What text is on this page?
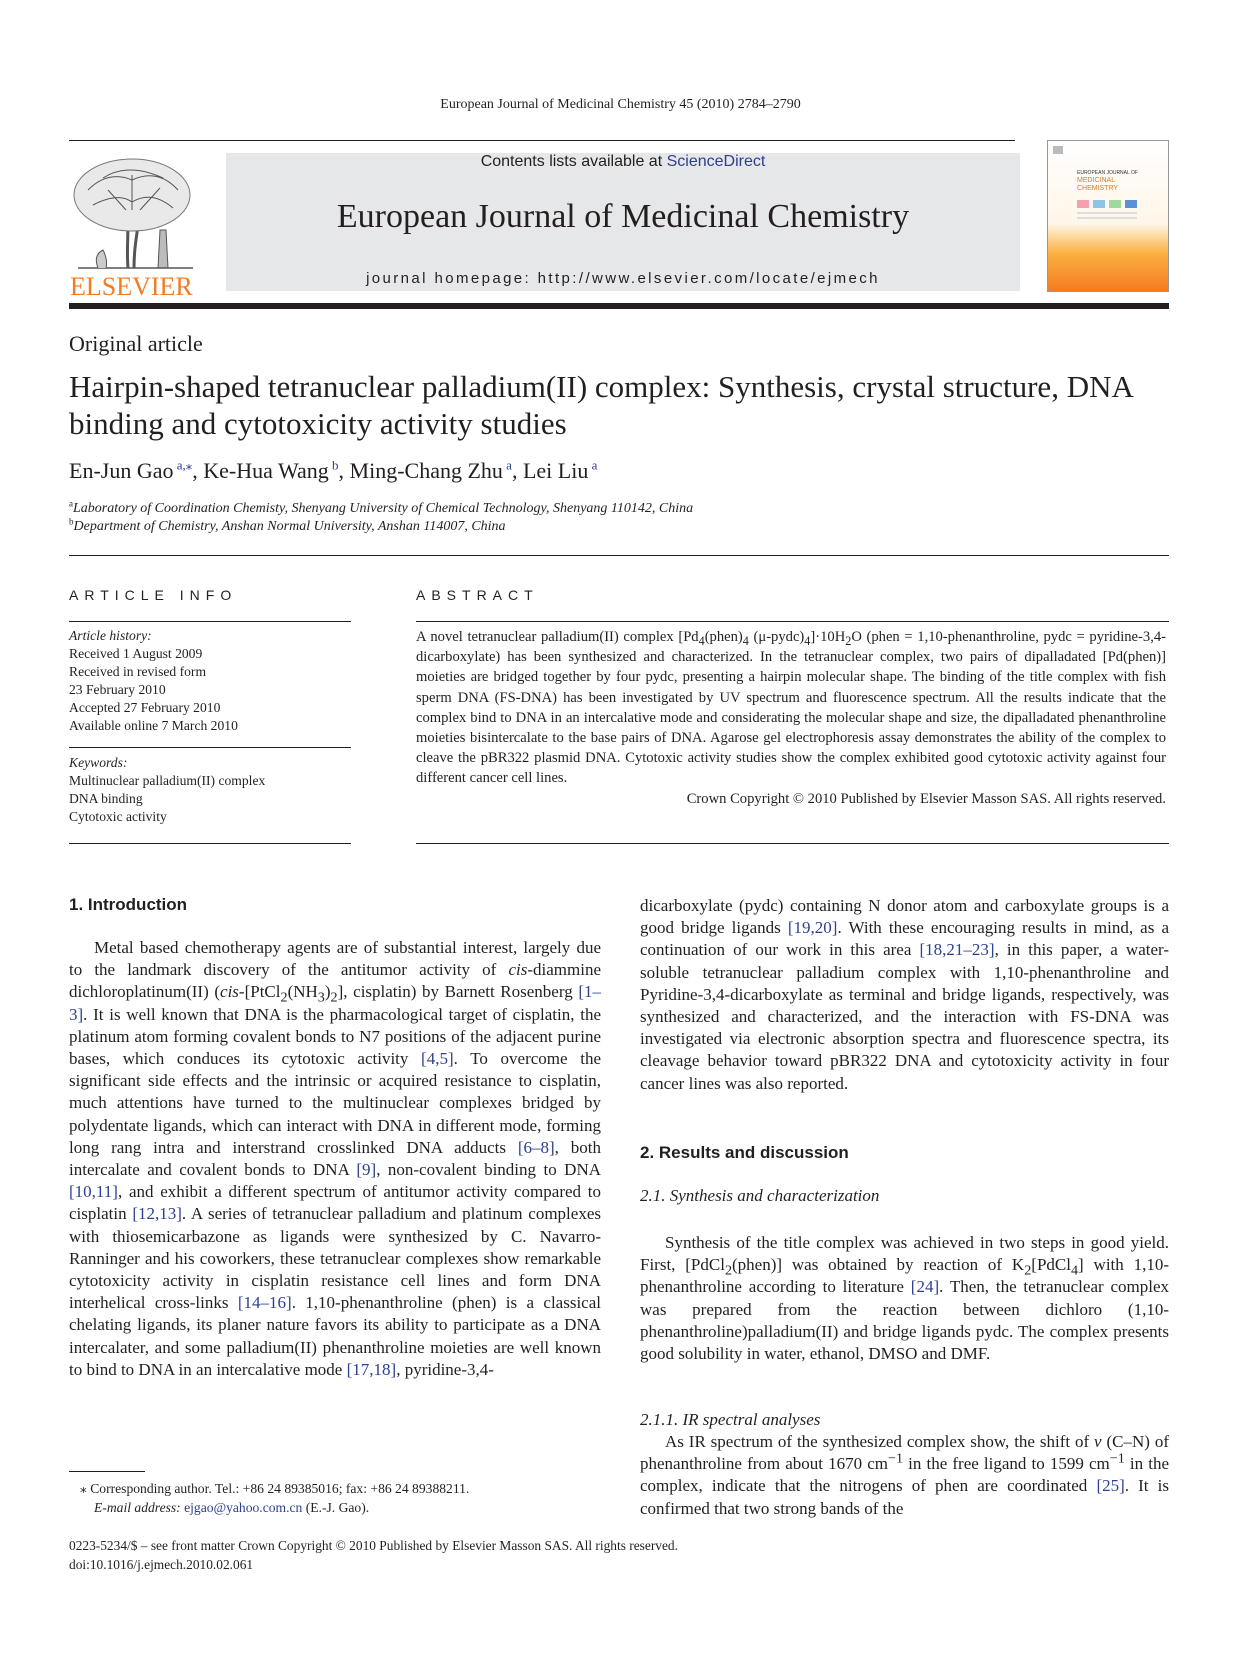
European Journal of Medicinal Chemistry 45 (2010) 2784–2790
ELSEVIER
Contents lists available at ScienceDirect
European Journal of Medicinal Chemistry
journal homepage: http://www.elsevier.com/locate/ejmech
EUROPEAN JOURNAL OF
MEDICINAL
CHEMISTRY
Original article
Hairpin-shaped tetranuclear palladium(II) complex: Synthesis, crystal structure, DNA binding and cytotoxicity activity studies
En-Jun Gao $^{a,⁎}$, Ke-Hua Wang $^b$, Ming-Chang Zhu $^a$, Lei Liu $^a$
$^a$Laboratory of Coordination Chemisty, Shenyang University of Chemical Technology, Shenyang 110142, China
$^b$Department of Chemistry, Anshan Normal University, Anshan 114007, China
ARTICLE INFO	ABSTRACT
Article history:
Received 1 August 2009
Received in revised form
23 February 2010
Accepted 27 February 2010
Available online 7 March 2010
Keywords:
Multinuclear palladium(II) complex
DNA binding
Cytotoxic activity
A novel tetranuclear palladium(II) complex [$Pd_4(phen)_4$ $(\mu-pydc)_4]\cdot 10H_2O$ (phen = 1,10-phenanthroline, pydc = pyridine-3,4-dicarboxylate) has been synthesized and characterized. In the tetranuclear complex, two pairs of dipalladated [Pd(phen)] moieties are bridged together by four pydc, presenting a hairpin molecular shape. The binding of the title complex with fish sperm DNA (FS-DNA) has been investigated by UV spectrum and fluorescence spectrum. All the results indicate that the complex bind to DNA in an intercalative mode and considerating the molecular shape and size, the dipalladated phenanthroline moieties bisintercalate to the base pairs of DNA. Agarose gel electrophoresis assay demonstrates the ability of the complex to cleave the pBR322 plasmid DNA. Cytotoxic activity studies show the complex exhibited good cytotoxic activity against four different cancer cell lines.
Crown Copyright © 2010 Published by Elsevier Masson SAS. All rights reserved.
1. Introduction
Metal based chemotherapy agents are of substantial interest, largely due to the landmark discovery of the antitumor activity of cis-diammine dichloroplatinum(II) ($cis-[PtCl_2(NH_3)_2]$, cisplatin) by Barnett Rosenberg [1–3]. It is well known that DNA is the pharmacological target of cisplatin, the platinum atom forming covalent bonds to N7 positions of the adjacent purine bases, which conduces its cytotoxic activity [4,5]. To overcome the significant side effects and the intrinsic or acquired resistance to cisplatin, much attentions have turned to the multinuclear complexes bridged by polydentate ligands, which can interact with DNA in different mode, forming long rang intra and interstrand crosslinked DNA adducts [6–8], both intercalate and covalent bonds to DNA [9], non-covalent binding to DNA [10,11], and exhibit a different spectrum of antitumor activity compared to cisplatin [12,13]. A series of tetranuclear palladium and platinum complexes with thiosemicarbazone as ligands were synthesized by C. Navarro-Ranninger and his coworkers, these tetranuclear complexes show remarkable cytotoxicity activity in cisplatin resistance cell lines and form DNA interhelical cross-links [14–16]. 1,10-phenanthroline (phen) is a classical chelating ligands, its planer nature favors its ability to participate as a DNA intercalater, and some palladium(II) phenanthroline moieties are well known to bind to DNA in an intercalative mode [17,18], pyridine-3,4-
⁎ Corresponding author. Tel.: +86 24 89385016; fax: +86 24 89388211.
E-mail address: ejgao@yahoo.com.cn (E.-J. Gao).
dicarboxylate (pydc) containing N donor atom and carboxylate groups is a good bridge ligands [19,20]. With these encouraging results in mind, as a continuation of our work in this area [18,21–23], in this paper, a water-soluble tetranuclear palladium complex with 1,10-phenanthroline and Pyridine-3,4-dicarboxylate as terminal and bridge ligands, respectively, was synthesized and characterized, and the interaction with FS-DNA was investigated via electronic absorption spectra and fluorescence spectra, its cleavage behavior toward pBR322 DNA and cytotoxicity activity in four cancer lines was also reported.
2. Results and discussion
2.1. Synthesis and characterization
Synthesis of the title complex was achieved in two steps in good yield. First, [PdCl$_2$(phen)] was obtained by reaction of $K_2[PdCl_4]$ with 1,10-phenanthroline according to literature [24]. Then, the tetranuclear complex was prepared from the reaction between dichloro (1,10-phenanthroline)palladium(II) and bridge ligands pydc. The complex presents good solubility in water, ethanol, DMSO and DMF.
2.1.1. IR spectral analyses
As IR spectrum of the synthesized complex show, the shift of ν (C–N) of phenanthroline from about 1670 $cm^{-1}$ in the free ligand to 1599 $cm^{-1}$ in the complex, indicate that the nitrogens of phen are coordinated [25]. It is confirmed that two strong bands of the
0223-5234/$ – see front matter Crown Copyright © 2010 Published by Elsevier Masson SAS. All rights reserved.
doi:10.1016/j.ejmech.2010.02.061
